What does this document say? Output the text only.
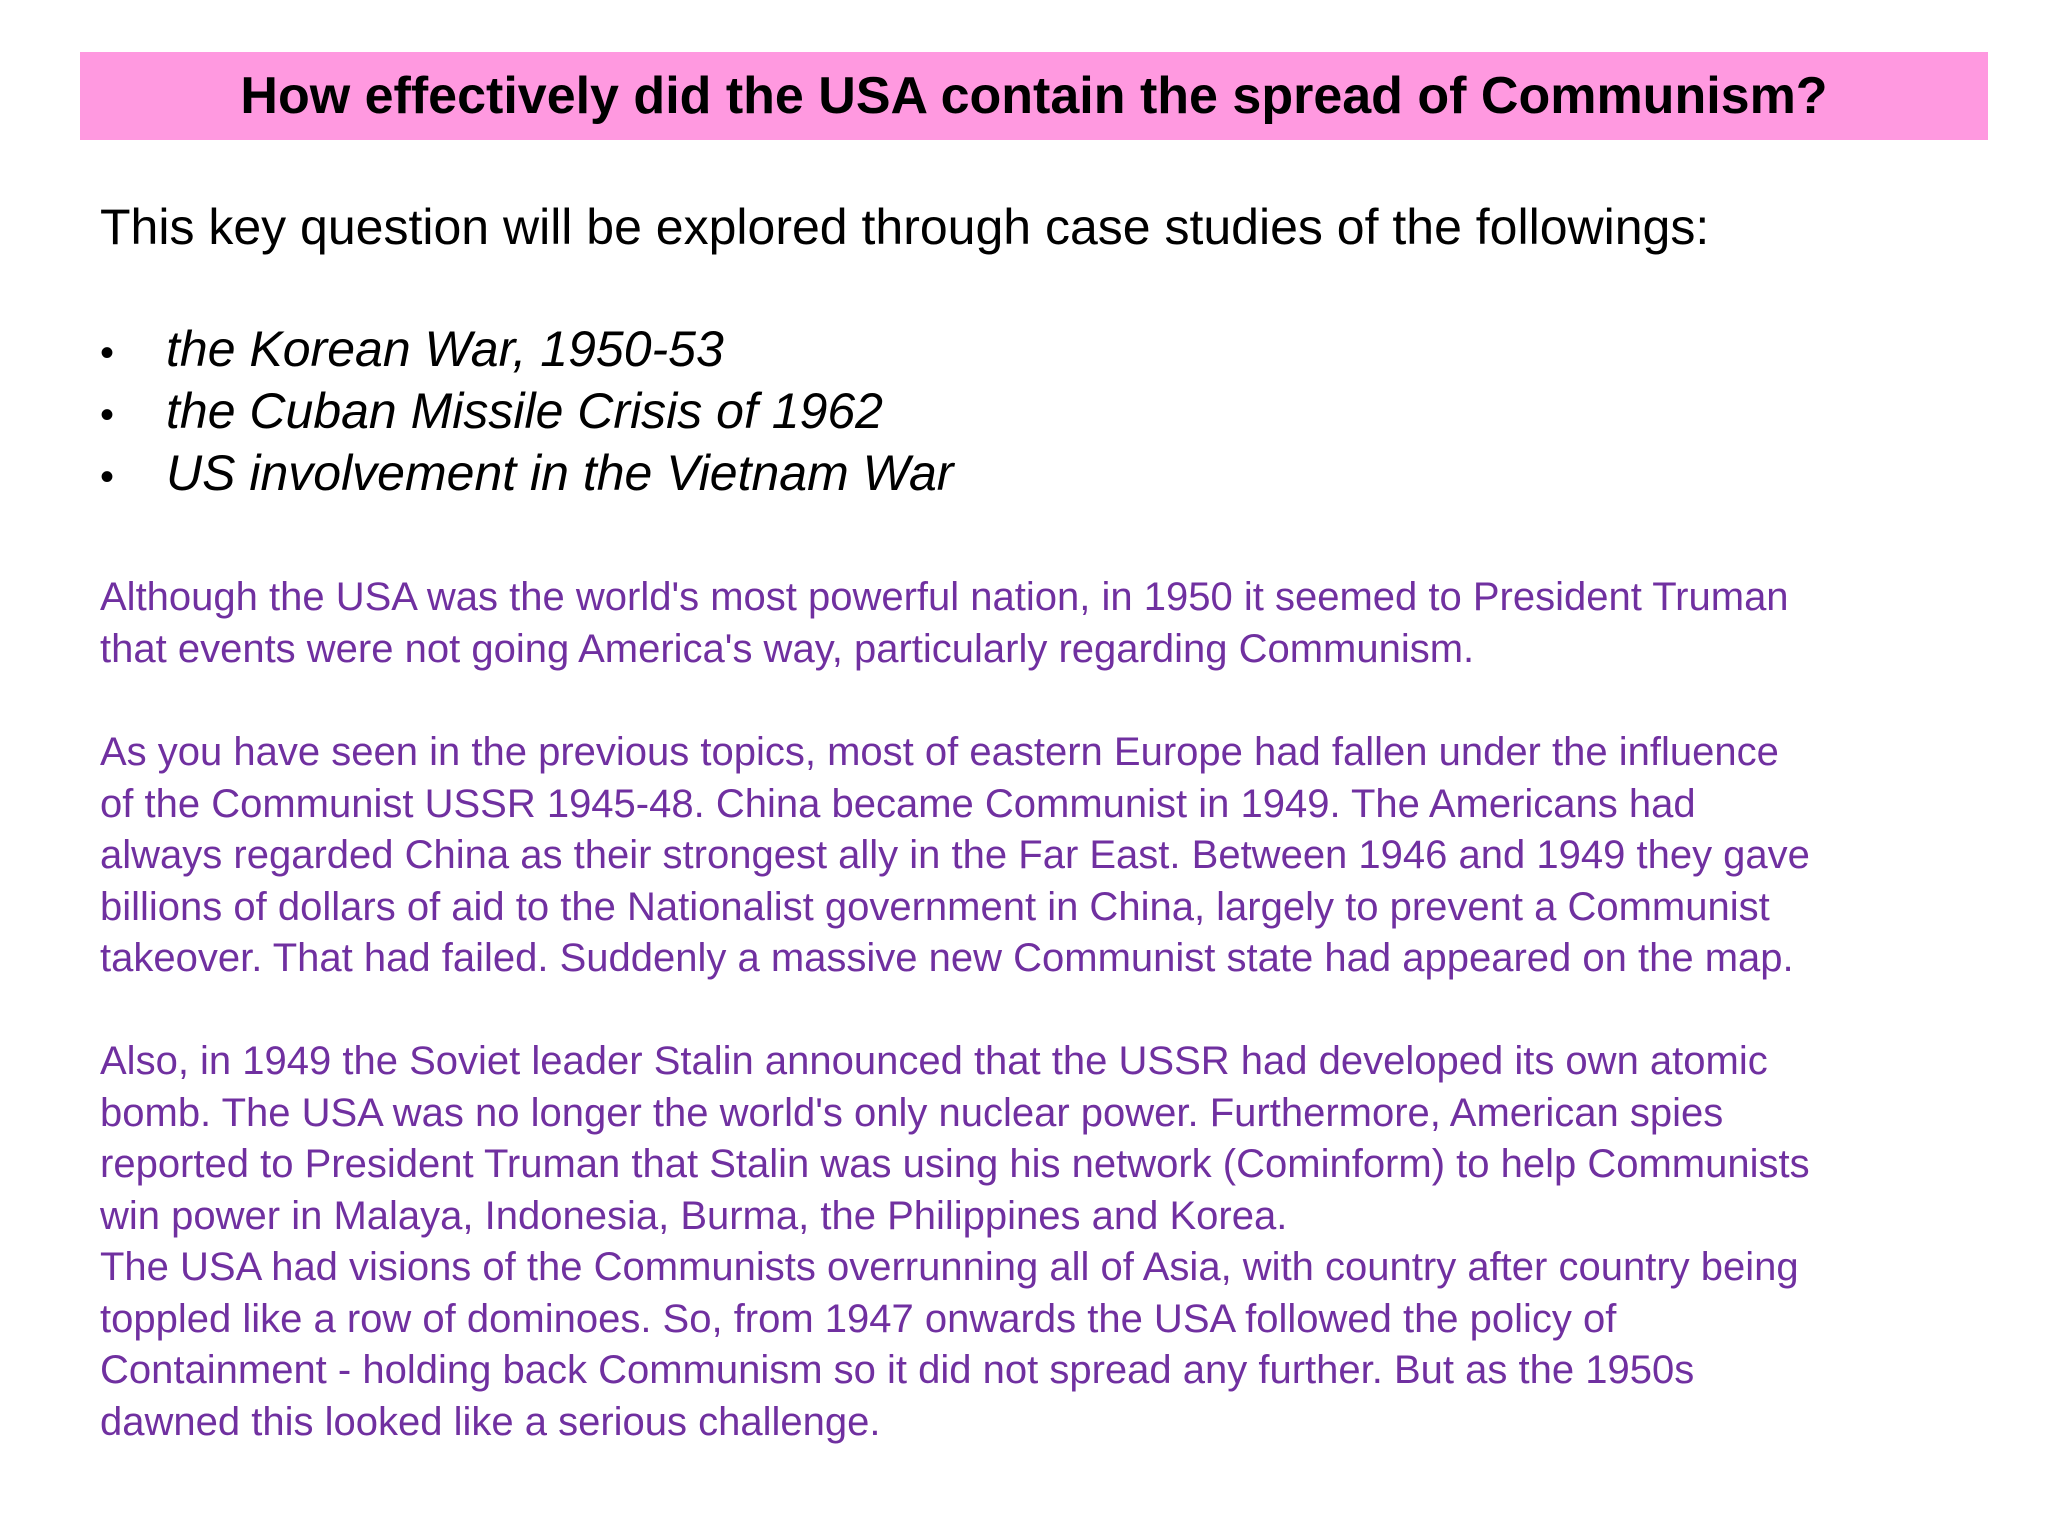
How effectively did the USA contain the spread of Communism?
This key question will be explored through case studies of the followings:
•	the Korean War, 1950-53
•	the Cuban Missile Crisis of 1962
•	US involvement in the Vietnam War

Although the USA was the world's most powerful nation, in 1950 it seemed to President Truman
that events were not going America's way, particularly regarding Communism.

As you have seen in the previous topics, most of eastern Europe had fallen under the influence
of the Communist USSR 1945-48. China became Communist in 1949. The Americans had
always regarded China as their strongest ally in the Far East. Between 1946 and 1949 they gave
billions of dollars of aid to the Nationalist government in China, largely to prevent a Communist
takeover. That had failed. Suddenly a massive new Communist state had appeared on the map.

Also, in 1949 the Soviet leader Stalin announced that the USSR had developed its own atomic
bomb. The USA was no longer the world's only nuclear power. Furthermore, American spies
reported to President Truman that Stalin was using his network (Cominform) to help Communists
win power in Malaya, Indonesia, Burma, the Philippines and Korea.
The USA had visions of the Communists overrunning all of Asia, with country after country being
toppled like a row of dominoes. So, from 1947 onwards the USA followed the policy of
Containment - holding back Communism so it did not spread any further. But as the 1950s
dawned this looked like a serious challenge.
